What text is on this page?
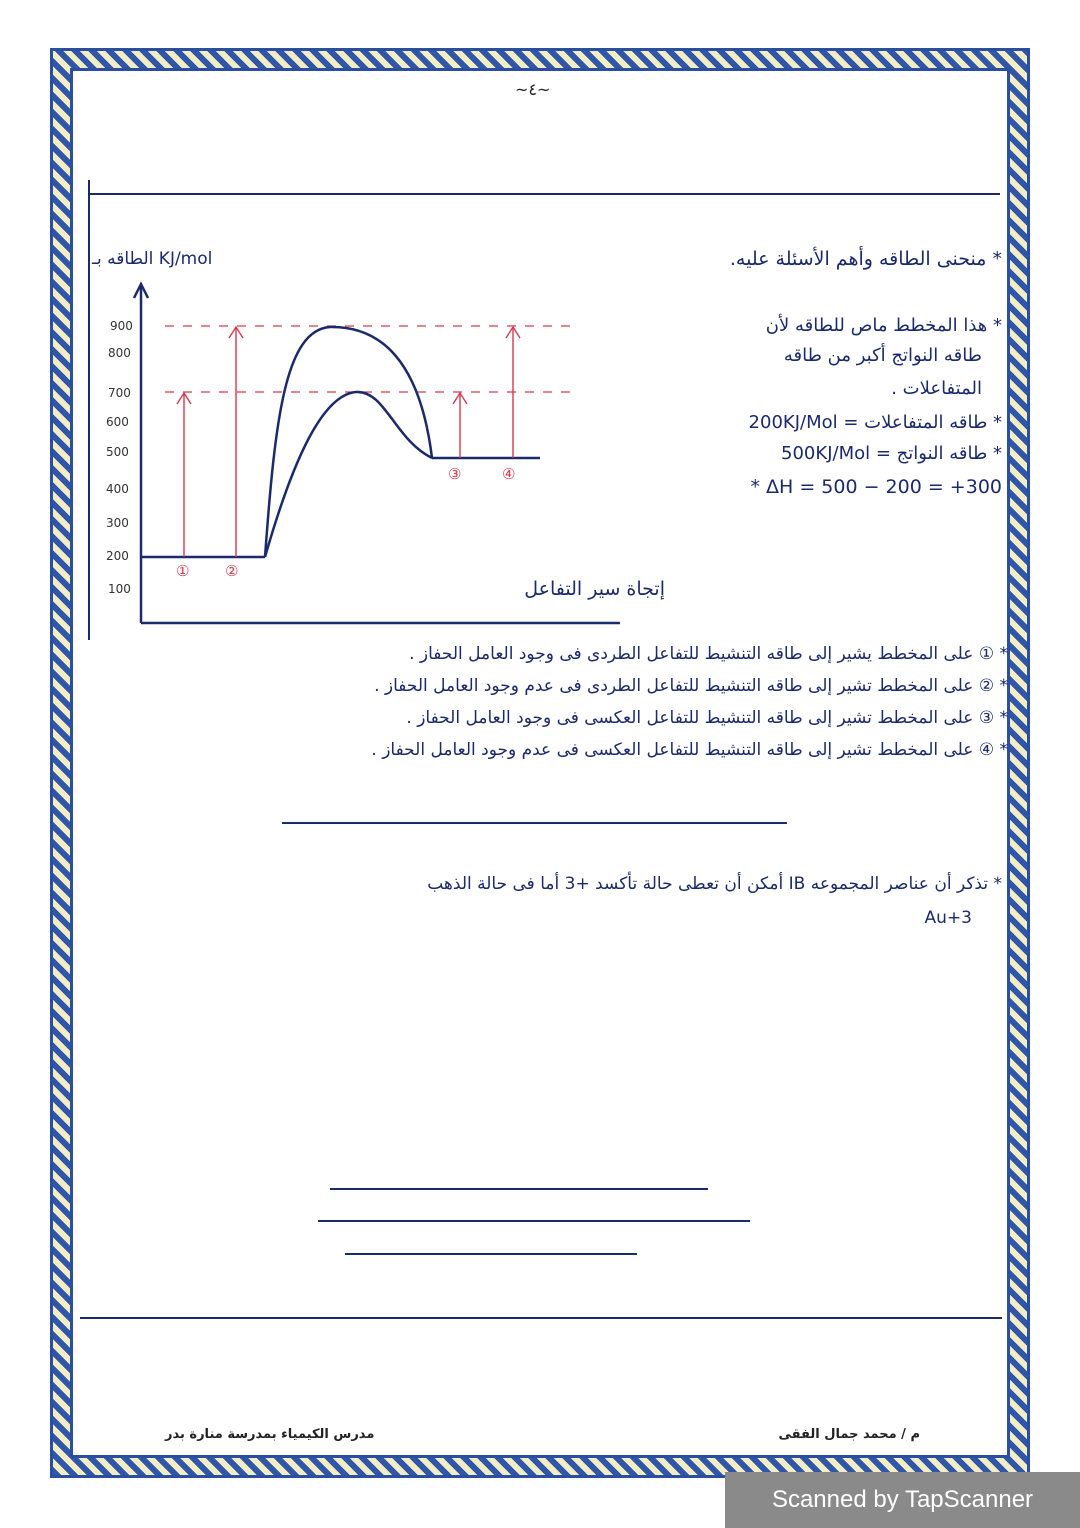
~٤~
الطاقه بـ KJ/mol
900
800
700
600
500
400
300
200
100
① ②
③	④
إتجاة سير التفاعل
* منحنى الطاقه وأهم الأسئلة عليه.
* هذا المخطط ماص للطاقه لأن
طاقه النواتج أكبر من طاقه
المتفاعلات .
* طاقه المتفاعلات = 200KJ/Mol
* طاقه النواتج = 500KJ/Mol
* ΔH = 500 − 200 = +300
* ① على المخطط يشير إلى طاقه التنشيط للتفاعل الطردى فى وجود العامل الحفاز .
* ② على المخطط تشير إلى طاقه التنشيط للتفاعل الطردى فى عدم وجود العامل الحفاز .
* ③ على المخطط تشير إلى طاقه التنشيط للتفاعل العكسى فى وجود العامل الحفاز .
* ④ على المخطط تشير إلى طاقه التنشيط للتفاعل العكسى فى عدم وجود العامل الحفاز .
* تذكر أن عناصر المجموعه IB أمكن أن تعطى حالة تأكسد +3 أما فى حالة الذهب
Au+3
م / محمد جمال الفقى
مدرس الكيمياء بمدرسة منارة بدر
Scanned by TapScanner
